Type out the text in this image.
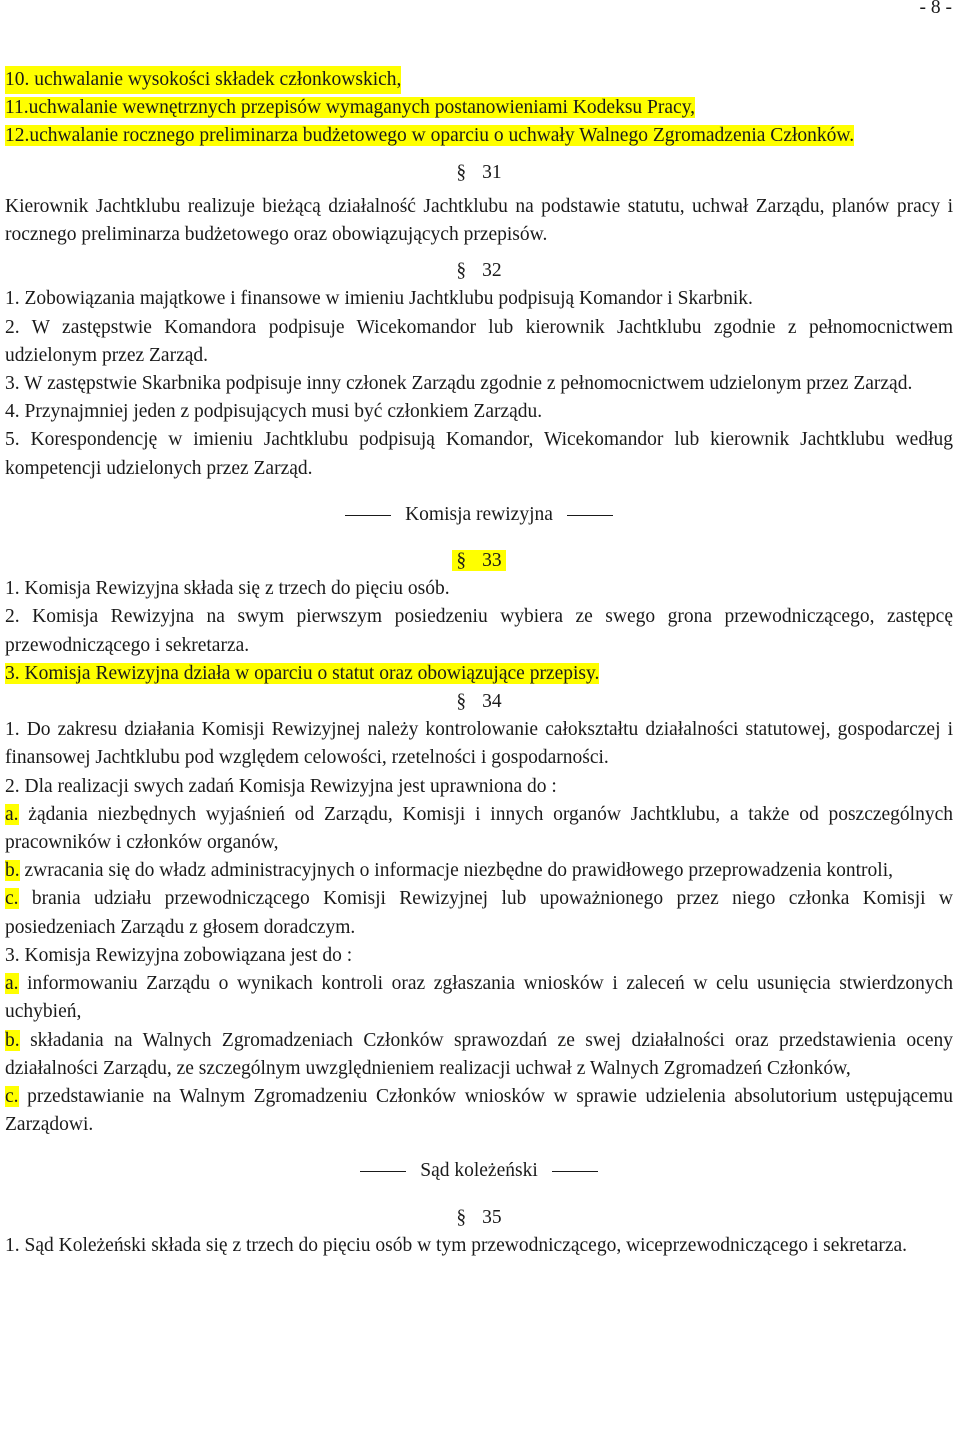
- 8 -

10. uchwalanie wysokości składek członkowskich,

11.uchwalanie wewnętrznych przepisów wymaganych postanowieniami Kodeksu Pracy,

12.uchwalanie rocznego preliminarza budżetowego w oparciu o uchwały Walnego Zgromadzenia Członków.

§ 31

Kierownik Jachtklubu realizuje bieżącą działalność Jachtklubu na podstawie statutu, uchwał Zarządu, planów pracy i rocznego preliminarza budżetowego oraz obowiązujących przepisów.

§ 32

1. Zobowiązania majątkowe i finansowe w imieniu Jachtklubu podpisują Komandor i Skarbnik.

2. W zastępstwie Komandora podpisuje Wicekomandor lub kierownik Jachtklubu zgodnie z pełnomocnictwem udzielonym przez Zarząd.

3. W zastępstwie Skarbnika podpisuje inny członek Zarządu zgodnie z pełnomocnictwem udzielonym przez Zarząd.

4. Przynajmniej jeden z podpisujących musi być członkiem Zarządu.

5. Korespondencję w imieniu Jachtklubu podpisują Komandor, Wicekomandor lub kierownik Jachtklubu według kompetencji udzielonych przez Zarząd.

Komisja rewizyjna

§ 33

1. Komisja Rewizyjna składa się z trzech do pięciu osób.

2. Komisja Rewizyjna na swym pierwszym posiedzeniu wybiera ze swego grona przewodniczącego, zastępcę przewodniczącego i sekretarza.

3. Komisja Rewizyjna działa w oparciu o statut oraz obowiązujące przepisy.

§ 34

1. Do zakresu działania Komisji Rewizyjnej należy kontrolowanie całokształtu działalności statutowej, gospodarczej i finansowej Jachtklubu pod względem celowości, rzetelności i gospodarności.

2. Dla realizacji swych zadań Komisja Rewizyjna jest uprawniona do :

a. żądania niezbędnych wyjaśnień od Zarządu, Komisji i innych organów Jachtklubu, a także od poszczególnych pracowników i członków organów,

b. zwracania się do władz administracyjnych o informacje niezbędne do prawidłowego przeprowadzenia kontroli,

c. brania udziału przewodniczącego Komisji Rewizyjnej lub upoważnionego przez niego członka Komisji w posiedzeniach Zarządu z głosem doradczym.

3. Komisja Rewizyjna zobowiązana jest do :

a. informowaniu Zarządu o wynikach kontroli oraz zgłaszania wniosków i zaleceń w celu usunięcia stwierdzonych uchybień,

b. składania na Walnych Zgromadzeniach Członków sprawozdań ze swej działalności oraz przedstawienia oceny działalności Zarządu, ze szczególnym uwzględnieniem realizacji uchwał z Walnych Zgromadzeń Członków,

c. przedstawianie na Walnym Zgromadzeniu Członków wniosków w sprawie udzielenia absolutorium ustępującemu Zarządowi.

Sąd koleżeński

§ 35

1. Sąd Koleżeński składa się z trzech do pięciu osób w tym przewodniczącego, wiceprzewodniczącego i sekretarza.
